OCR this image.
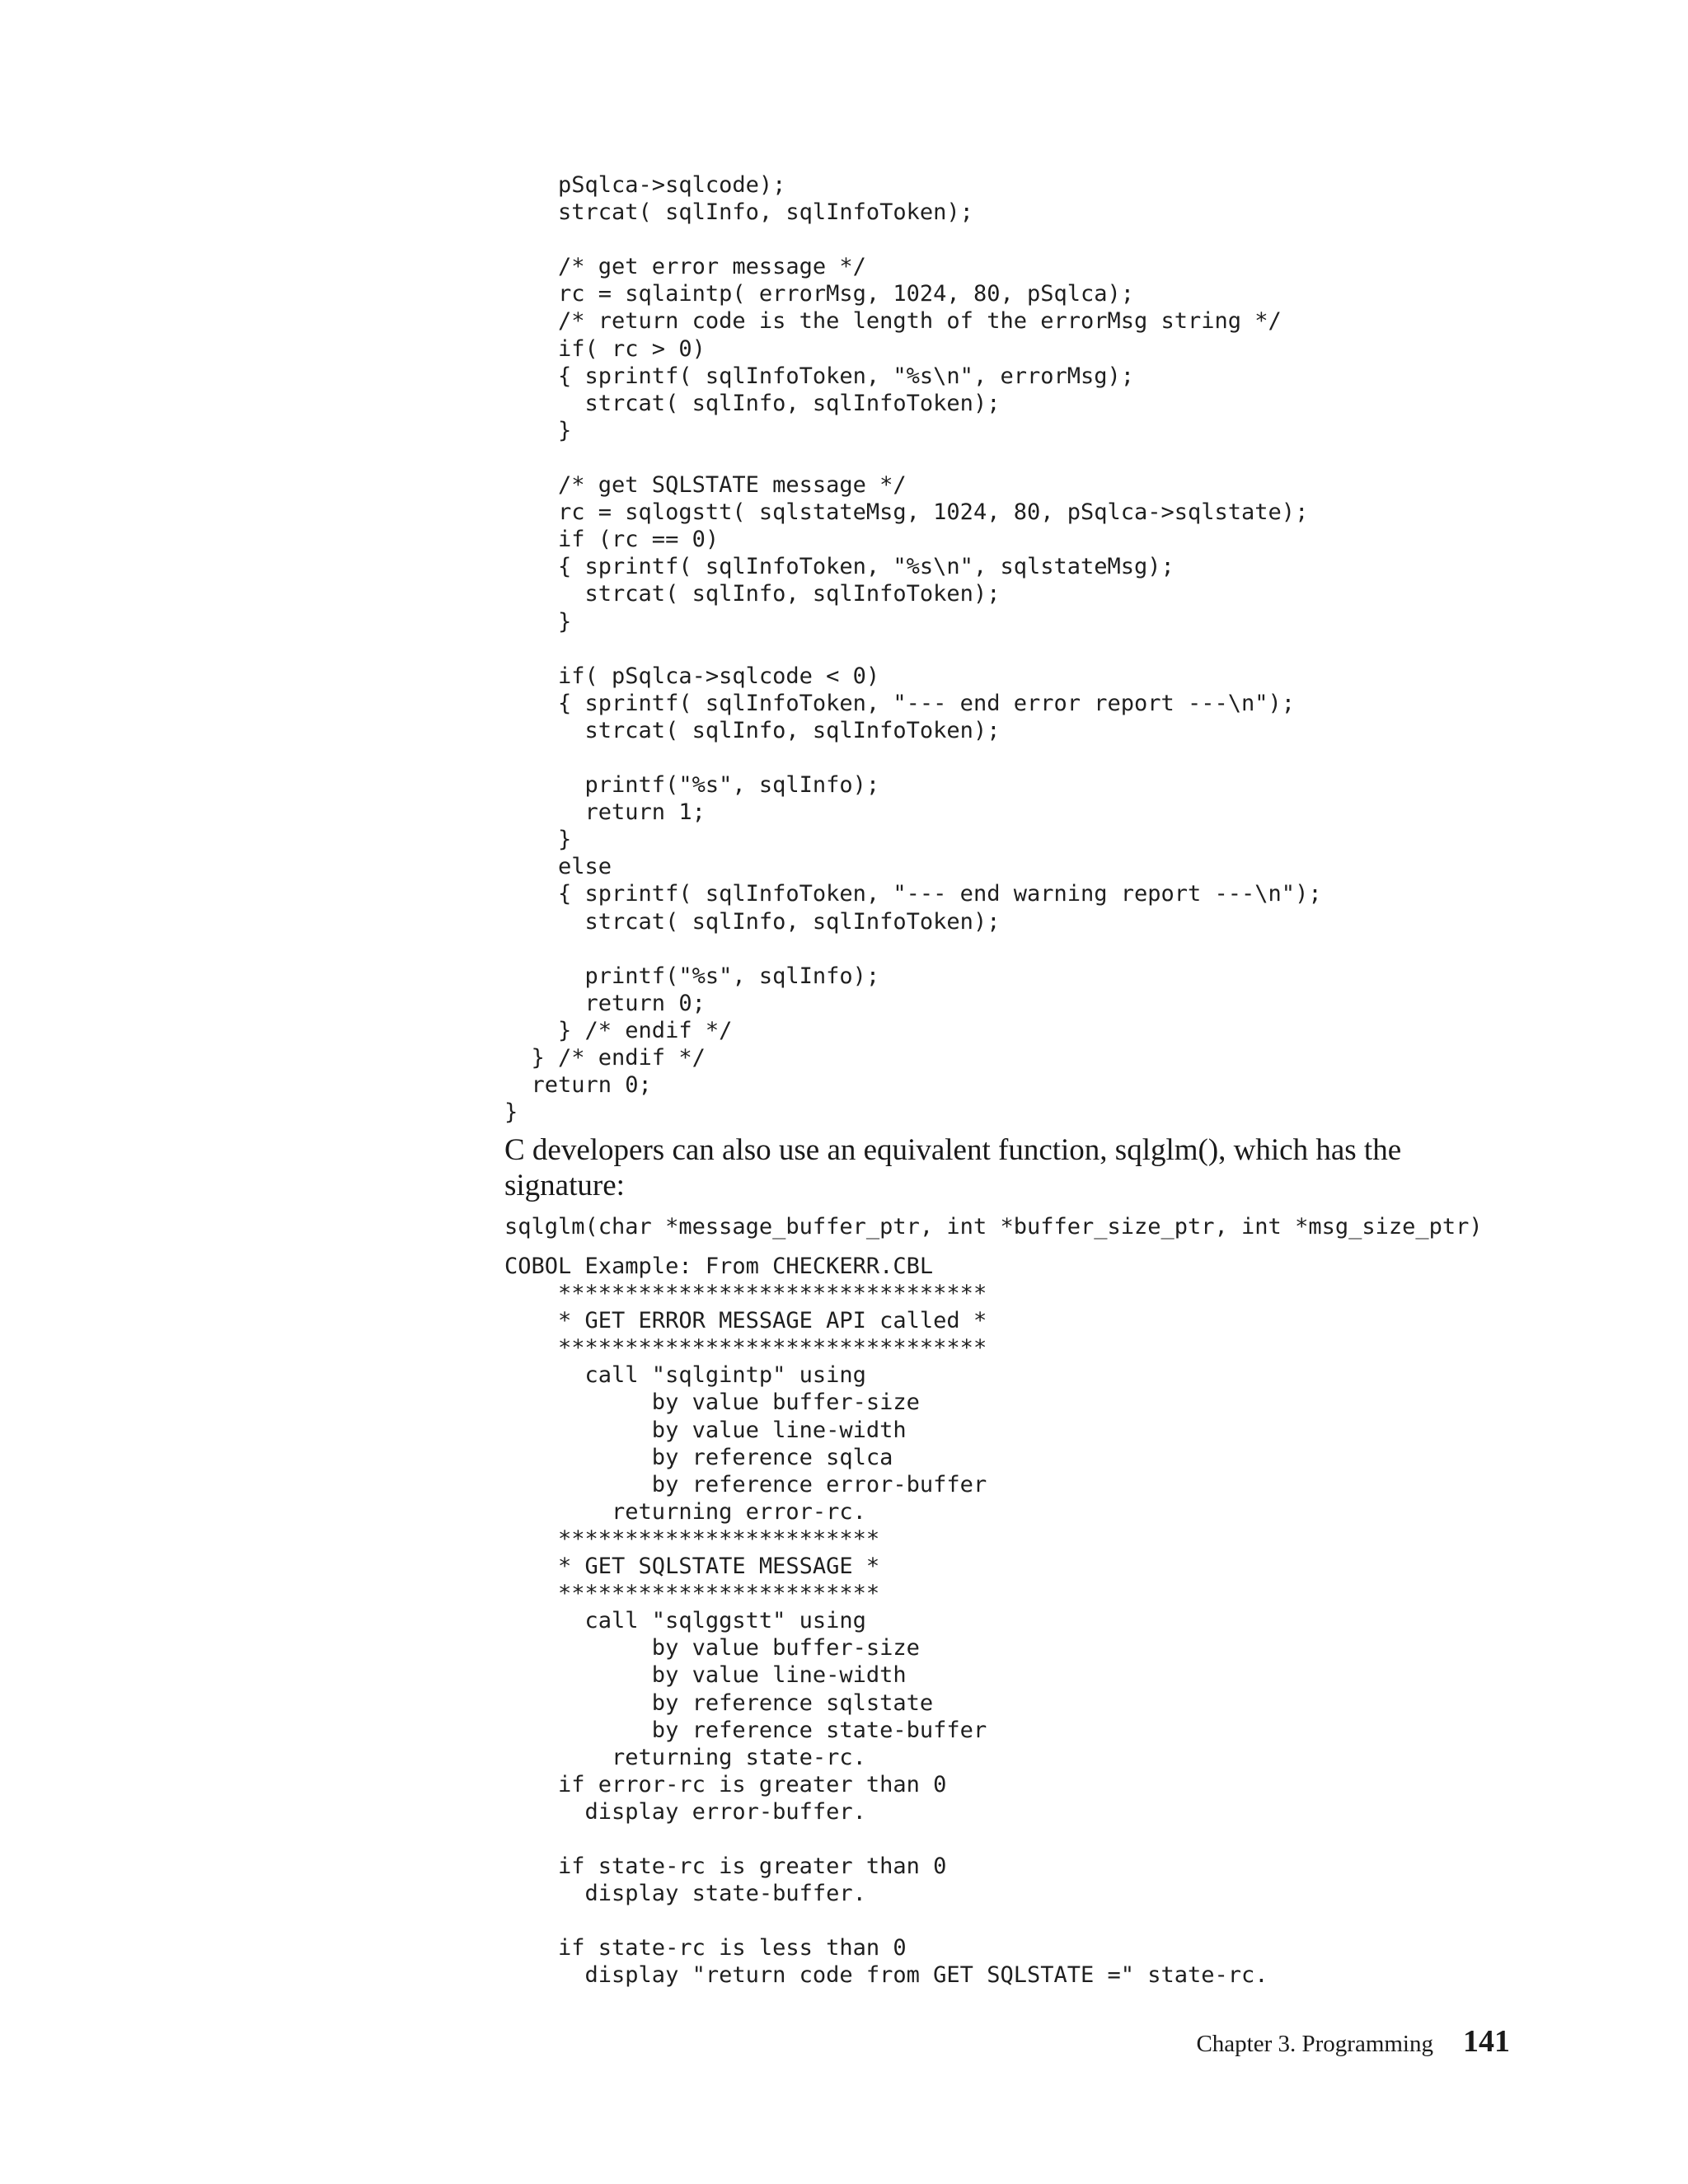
pSqlca->sqlcode);
strcat( sqlInfo, sqlInfoToken);

/* get error message */
rc = sqlaintp( errorMsg, 1024, 80, pSqlca);
/* return code is the length of the errorMsg string */
if( rc > 0)
{ sprintf( sqlInfoToken, "%s\n", errorMsg);
strcat( sqlInfo, sqlInfoToken);
}

/* get SQLSTATE message */
rc = sqlogstt( sqlstateMsg, 1024, 80, pSqlca->sqlstate);
if (rc == 0)
{ sprintf( sqlInfoToken, "%s\n", sqlstateMsg);
strcat( sqlInfo, sqlInfoToken);
}

if( pSqlca->sqlcode < 0)
{ sprintf( sqlInfoToken, "--- end error report ---\n");
strcat( sqlInfo, sqlInfoToken);

printf("%s", sqlInfo);
return 1;
}
else
{ sprintf( sqlInfoToken, "--- end warning report ---\n");
strcat( sqlInfo, sqlInfoToken);

printf("%s", sqlInfo);
return 0;
} /* endif */
} /* endif */
return 0;
}

C developers can also use an equivalent function, sqlglm(), which has the signature:

sqlglm(char *message_buffer_ptr, int *buffer_size_ptr, int *msg_size_ptr)
COBOL Example: From CHECKERR.CBL
********************************
* GET ERROR MESSAGE API called *
********************************
call "sqlgintp" using
by value buffer-size
by value line-width
by reference sqlca
by reference error-buffer
returning error-rc.
************************
* GET SQLSTATE MESSAGE *
************************
call "sqlggstt" using
by value buffer-size
by value line-width
by reference sqlstate
by reference state-buffer
returning state-rc.
if error-rc is greater than 0
display error-buffer.

if state-rc is greater than 0
display state-buffer.

if state-rc is less than 0
display "return code from GET SQLSTATE =" state-rc.
Chapter 3. Programming 141
